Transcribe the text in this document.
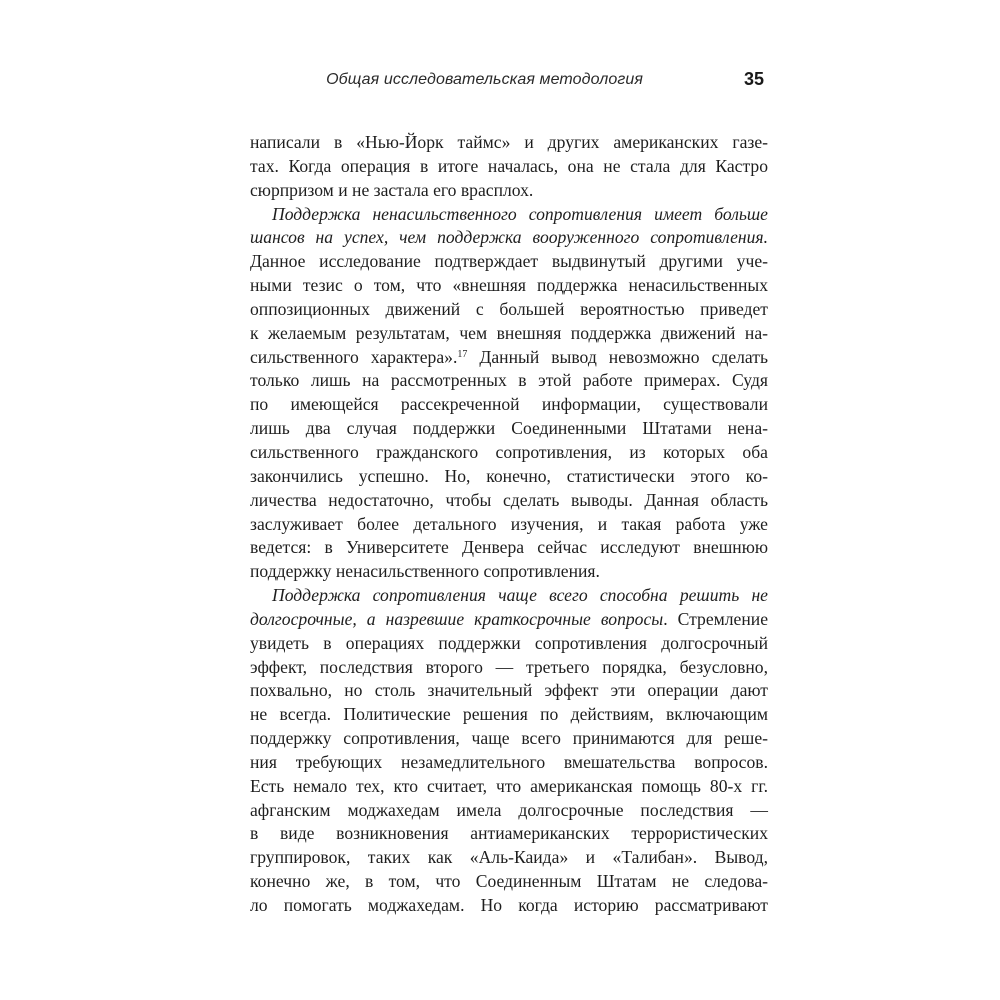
Общая исследовательская методология	35
написали в «Нью-Йорк таймс» и других американских газе-
тах. Когда операция в итоге началась, она не стала для Кастро
сюрпризом и не застала его врасплох.
Поддержка ненасильственного сопротивления имеет больше
шансов на успех, чем поддержка вооруженного сопротивления.
Данное исследование подтверждает выдвинутый другими уче-
ными тезис о том, что «внешняя поддержка ненасильственных
оппозиционных движений с большей вероятностью приведет
к желаемым результатам, чем внешняя поддержка движений на-
сильственного характера».$^{17}$ Данный вывод невозможно сделать
только лишь на рассмотренных в этой работе примерах. Судя
по имеющейся рассекреченной информации, существовали
лишь два случая поддержки Соединенными Штатами нена-
сильственного гражданского сопротивления, из которых оба
закончились успешно. Но, конечно, статистически этого ко-
личества недостаточно, чтобы сделать выводы. Данная область
заслуживает более детального изучения, и такая работа уже
ведется: в Университете Денвера сейчас исследуют внешнюю
поддержку ненасильственного сопротивления.
Поддержка сопротивления чаще всего способна решить не
долгосрочные, а назревшие краткосрочные вопросы. Стремление
увидеть в операциях поддержки сопротивления долгосрочный
эффект, последствия второго — третьего порядка, безусловно,
похвально, но столь значительный эффект эти операции дают
не всегда. Политические решения по действиям, включающим
поддержку сопротивления, чаще всего принимаются для реше-
ния требующих незамедлительного вмешательства вопросов.
Есть немало тех, кто считает, что американская помощь 80-х гг.
афганским моджахедам имела долгосрочные последствия —
в виде возникновения антиамериканских террористических
группировок, таких как «Аль-Каида» и «Талибан». Вывод,
конечно же, в том, что Соединенным Штатам не следова-
ло помогать моджахедам. Но когда историю рассматривают
